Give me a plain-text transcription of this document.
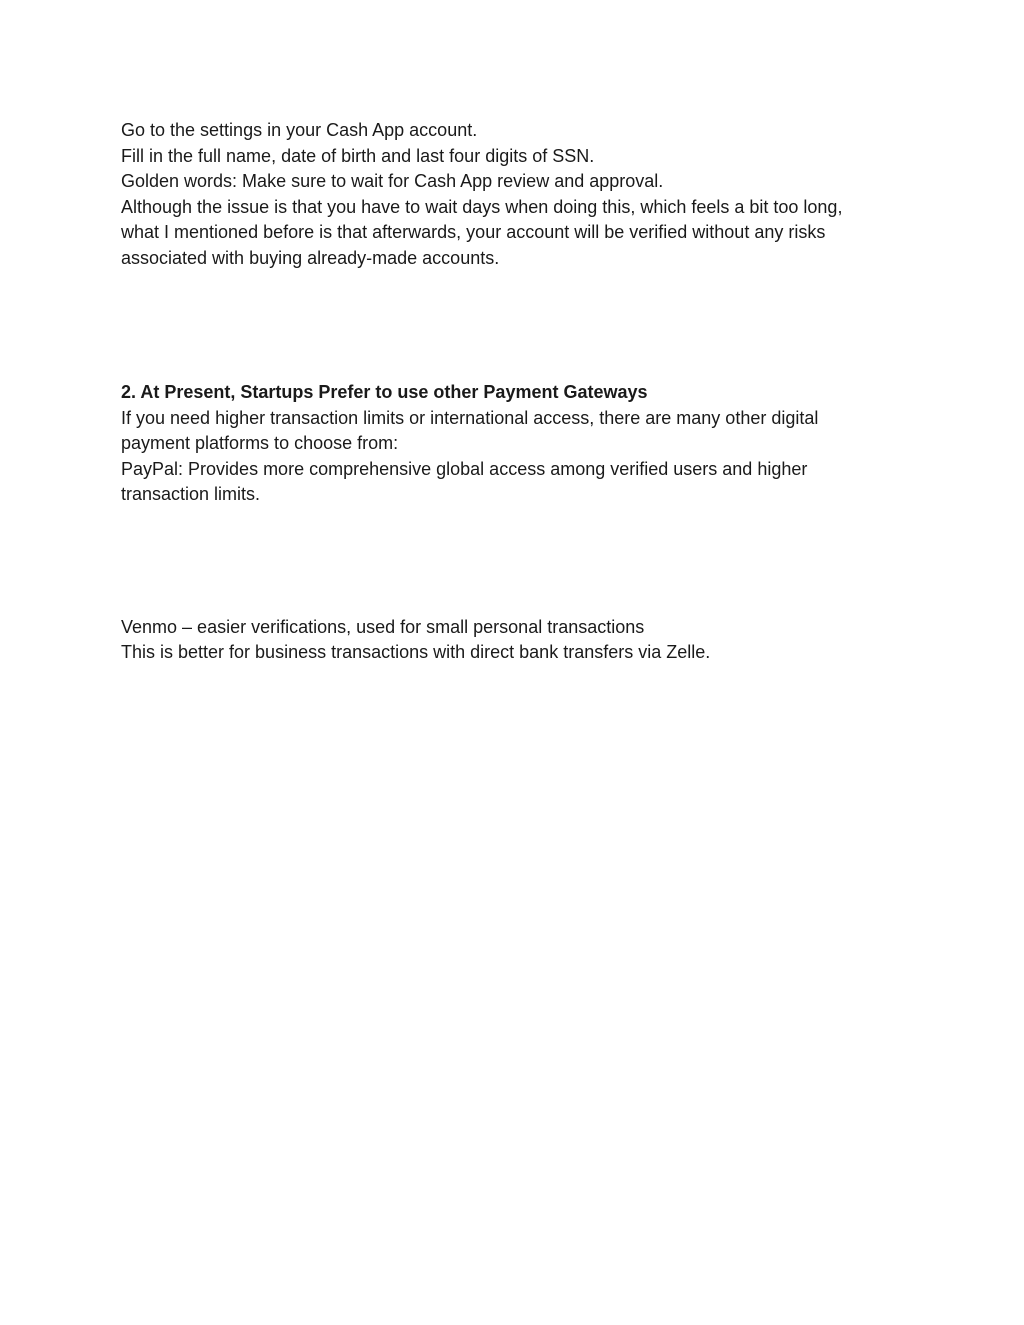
Go to the settings in your Cash App account.
Fill in the full name, date of birth and last four digits of SSN.
Golden words: Make sure to wait for Cash App review and approval.
Although the issue is that you have to wait days when doing this, which feels a bit too long,
what I mentioned before is that afterwards, your account will be verified without any risks
associated with buying already-made accounts.
2. At Present, Startups Prefer to use other Payment Gateways
If you need higher transaction limits or international access, there are many other digital
payment platforms to choose from:
PayPal: Provides more comprehensive global access among verified users and higher
transaction limits.
Venmo – easier verifications, used for small personal transactions
This is better for business transactions with direct bank transfers via Zelle.
